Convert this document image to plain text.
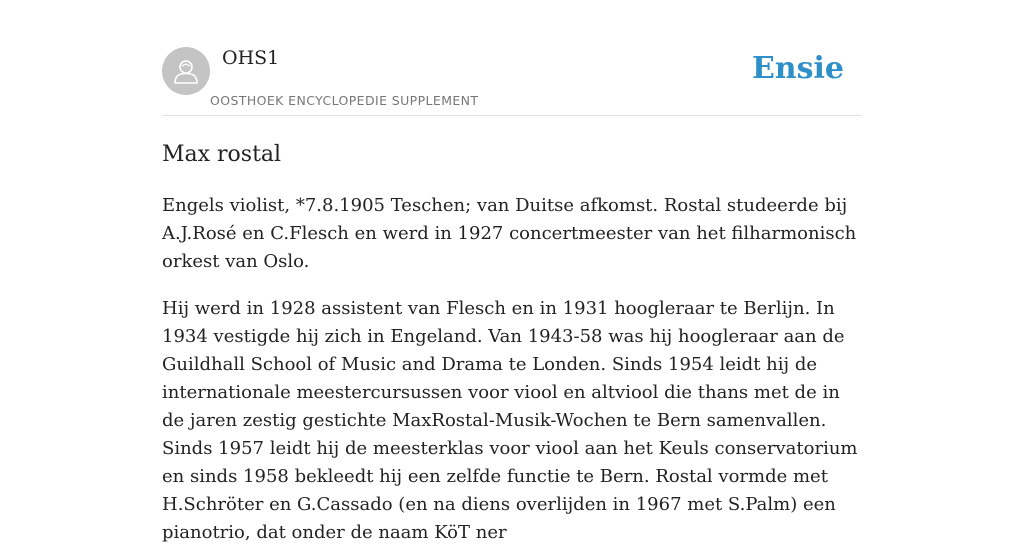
OHS1
OOSTHOEK ENCYCLOPEDIE SUPPLEMENT
Ensie
Max rostal

Engels violist, *7.8.1905 Teschen; van Duitse afkomst. Rostal studeerde bij A.J.Rosé en C.Flesch en werd in 1927 concertmeester van het filharmonisch orkest van Oslo.

Hij werd in 1928 assistent van Flesch en in 1931 hoogleraar te Berlijn. In 1934 vestigde hij zich in Engeland. Van 1943-58 was hij hoogleraar aan de Guildhall School of Music and Drama te Londen. Sinds 1954 leidt hij de internationale meestercursussen voor viool en altviool die thans met de in de jaren zestig gestichte MaxRostal-Musik-Wochen te Bern samenvallen. Sinds 1957 leidt hij de meesterklas voor viool aan het Keuls conservatorium en sinds 1958 bekleedt hij een zelfde functie te Bern. Rostal vormde met H.Schröter en G.Cassado (en na diens overlijden in 1967 met S.Palm) een pianotrio, dat onder de naam KöT ner
